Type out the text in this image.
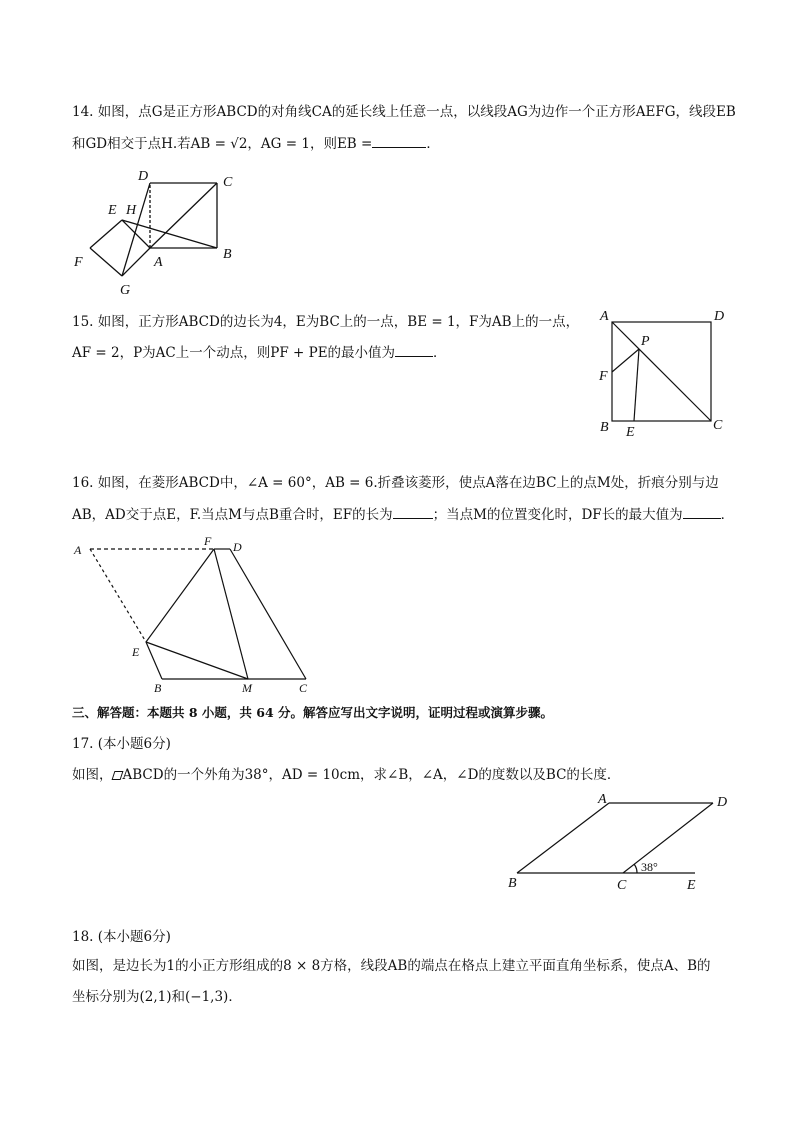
14. 如图，点G是正方形ABCD的对角线CA的延长线上任意一点，以线段AG为边作一个正方形AEFG，线段EB
和GD相交于点H.若AB = √2，AG = 1，则EB =	．
D	C
E H
F	A
B
G
15. 如图，正方形ABCD的边长为4，E为BC上的一点，BE = 1，F为AB上的一点，
AF = 2，P为AC上一个动点，则PF + PE的最小值为	．
A	D
P
F
B E	C
16. 如图，在菱形ABCD中，∠A = 60°，AB = 6.折叠该菱形，使点A落在边BC上的点M处，折痕分别与边
AB，AD交于点E，F.当点M与点B重合时，EF的长为	；当点M的位置变化时，DF长的最大值为	．
A
F D
E
B	M	C
三、解答题：本题共 8 小题，共 64 分。解答应写出文字说明，证明过程或演算步骤。
17. (本小题6分)
如图， ABCD的一个外角为38°，AD = 10cm，求∠B，∠A，∠D的度数以及BC的长度．
A	D
B	C	E
38°
18. (本小题6分)
如图，是边长为1的小正方形组成的8 × 8方格，线段AB的端点在格点上建立平面直角坐标系，使点A、B的
坐标分别为(2,1)和(−1,3)．
